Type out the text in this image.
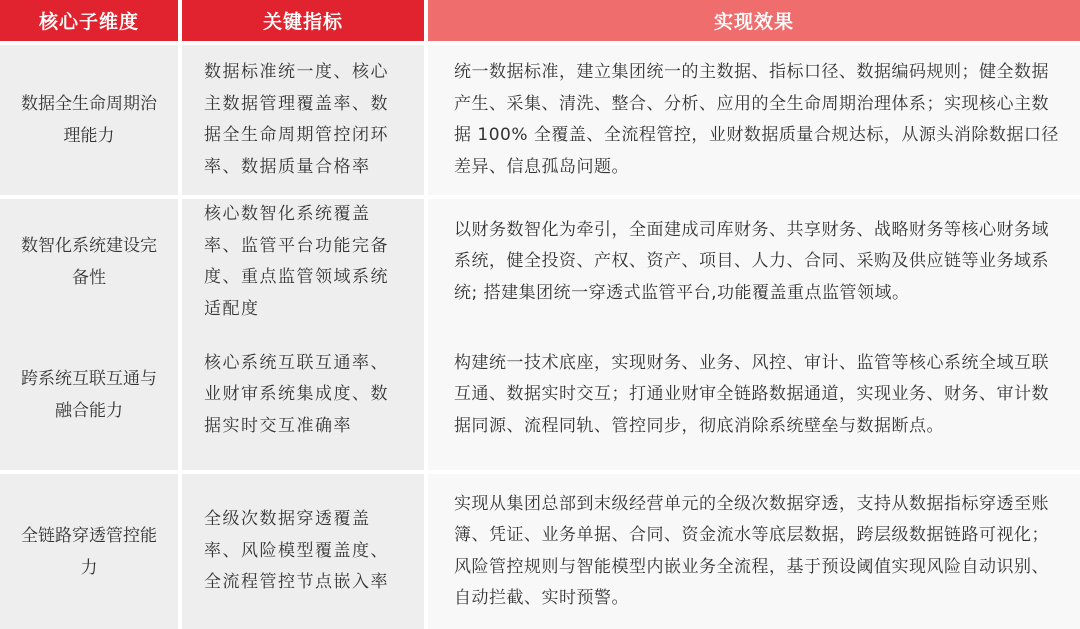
核心子维度	关键指标	实现效果
数据全生命周期治理能力
数据标准统一度、核心主数据管理覆盖率、数据全生命周期管控闭环率、数据质量合格率
统一数据标准，建立集团统一的主数据、指标口径、数据编码规则；健全数据产生、采集、清洗、整合、分析、应用的全生命周期治理体系；实现核心主数据 100% 全覆盖、全流程管控，业财数据质量合规达标，从源头消除数据口径差异、信息孤岛问题。
数智化系统建设完备性
核心数智化系统覆盖率、监管平台功能完备度、重点监管领域系统适配度
以财务数智化为牵引，全面建成司库财务、共享财务、战略财务等核心财务域系统，健全投资、产权、资产、项目、人力、合同、采购及供应链等业务域系统; 搭建集团统一穿透式监管平台,功能覆盖重点监管领域。
跨系统互联互通与融合能力
核心系统互联互通率、业财审系统集成度、数据实时交互准确率
构建统一技术底座，实现财务、业务、风控、审计、监管等核心系统全域互联互通、数据实时交互；打通业财审全链路数据通道，实现业务、财务、审计数据同源、流程同轨、管控同步，彻底消除系统壁垒与数据断点。
全链路穿透管控能力
全级次数据穿透覆盖率、风险模型覆盖度、全流程管控节点嵌入率
实现从集团总部到末级经营单元的全级次数据穿透，支持从数据指标穿透至账簿、凭证、业务单据、合同、资金流水等底层数据，跨层级数据链路可视化；风险管控规则与智能模型内嵌业务全流程，基于预设阈值实现风险自动识别、自动拦截、实时预警。
